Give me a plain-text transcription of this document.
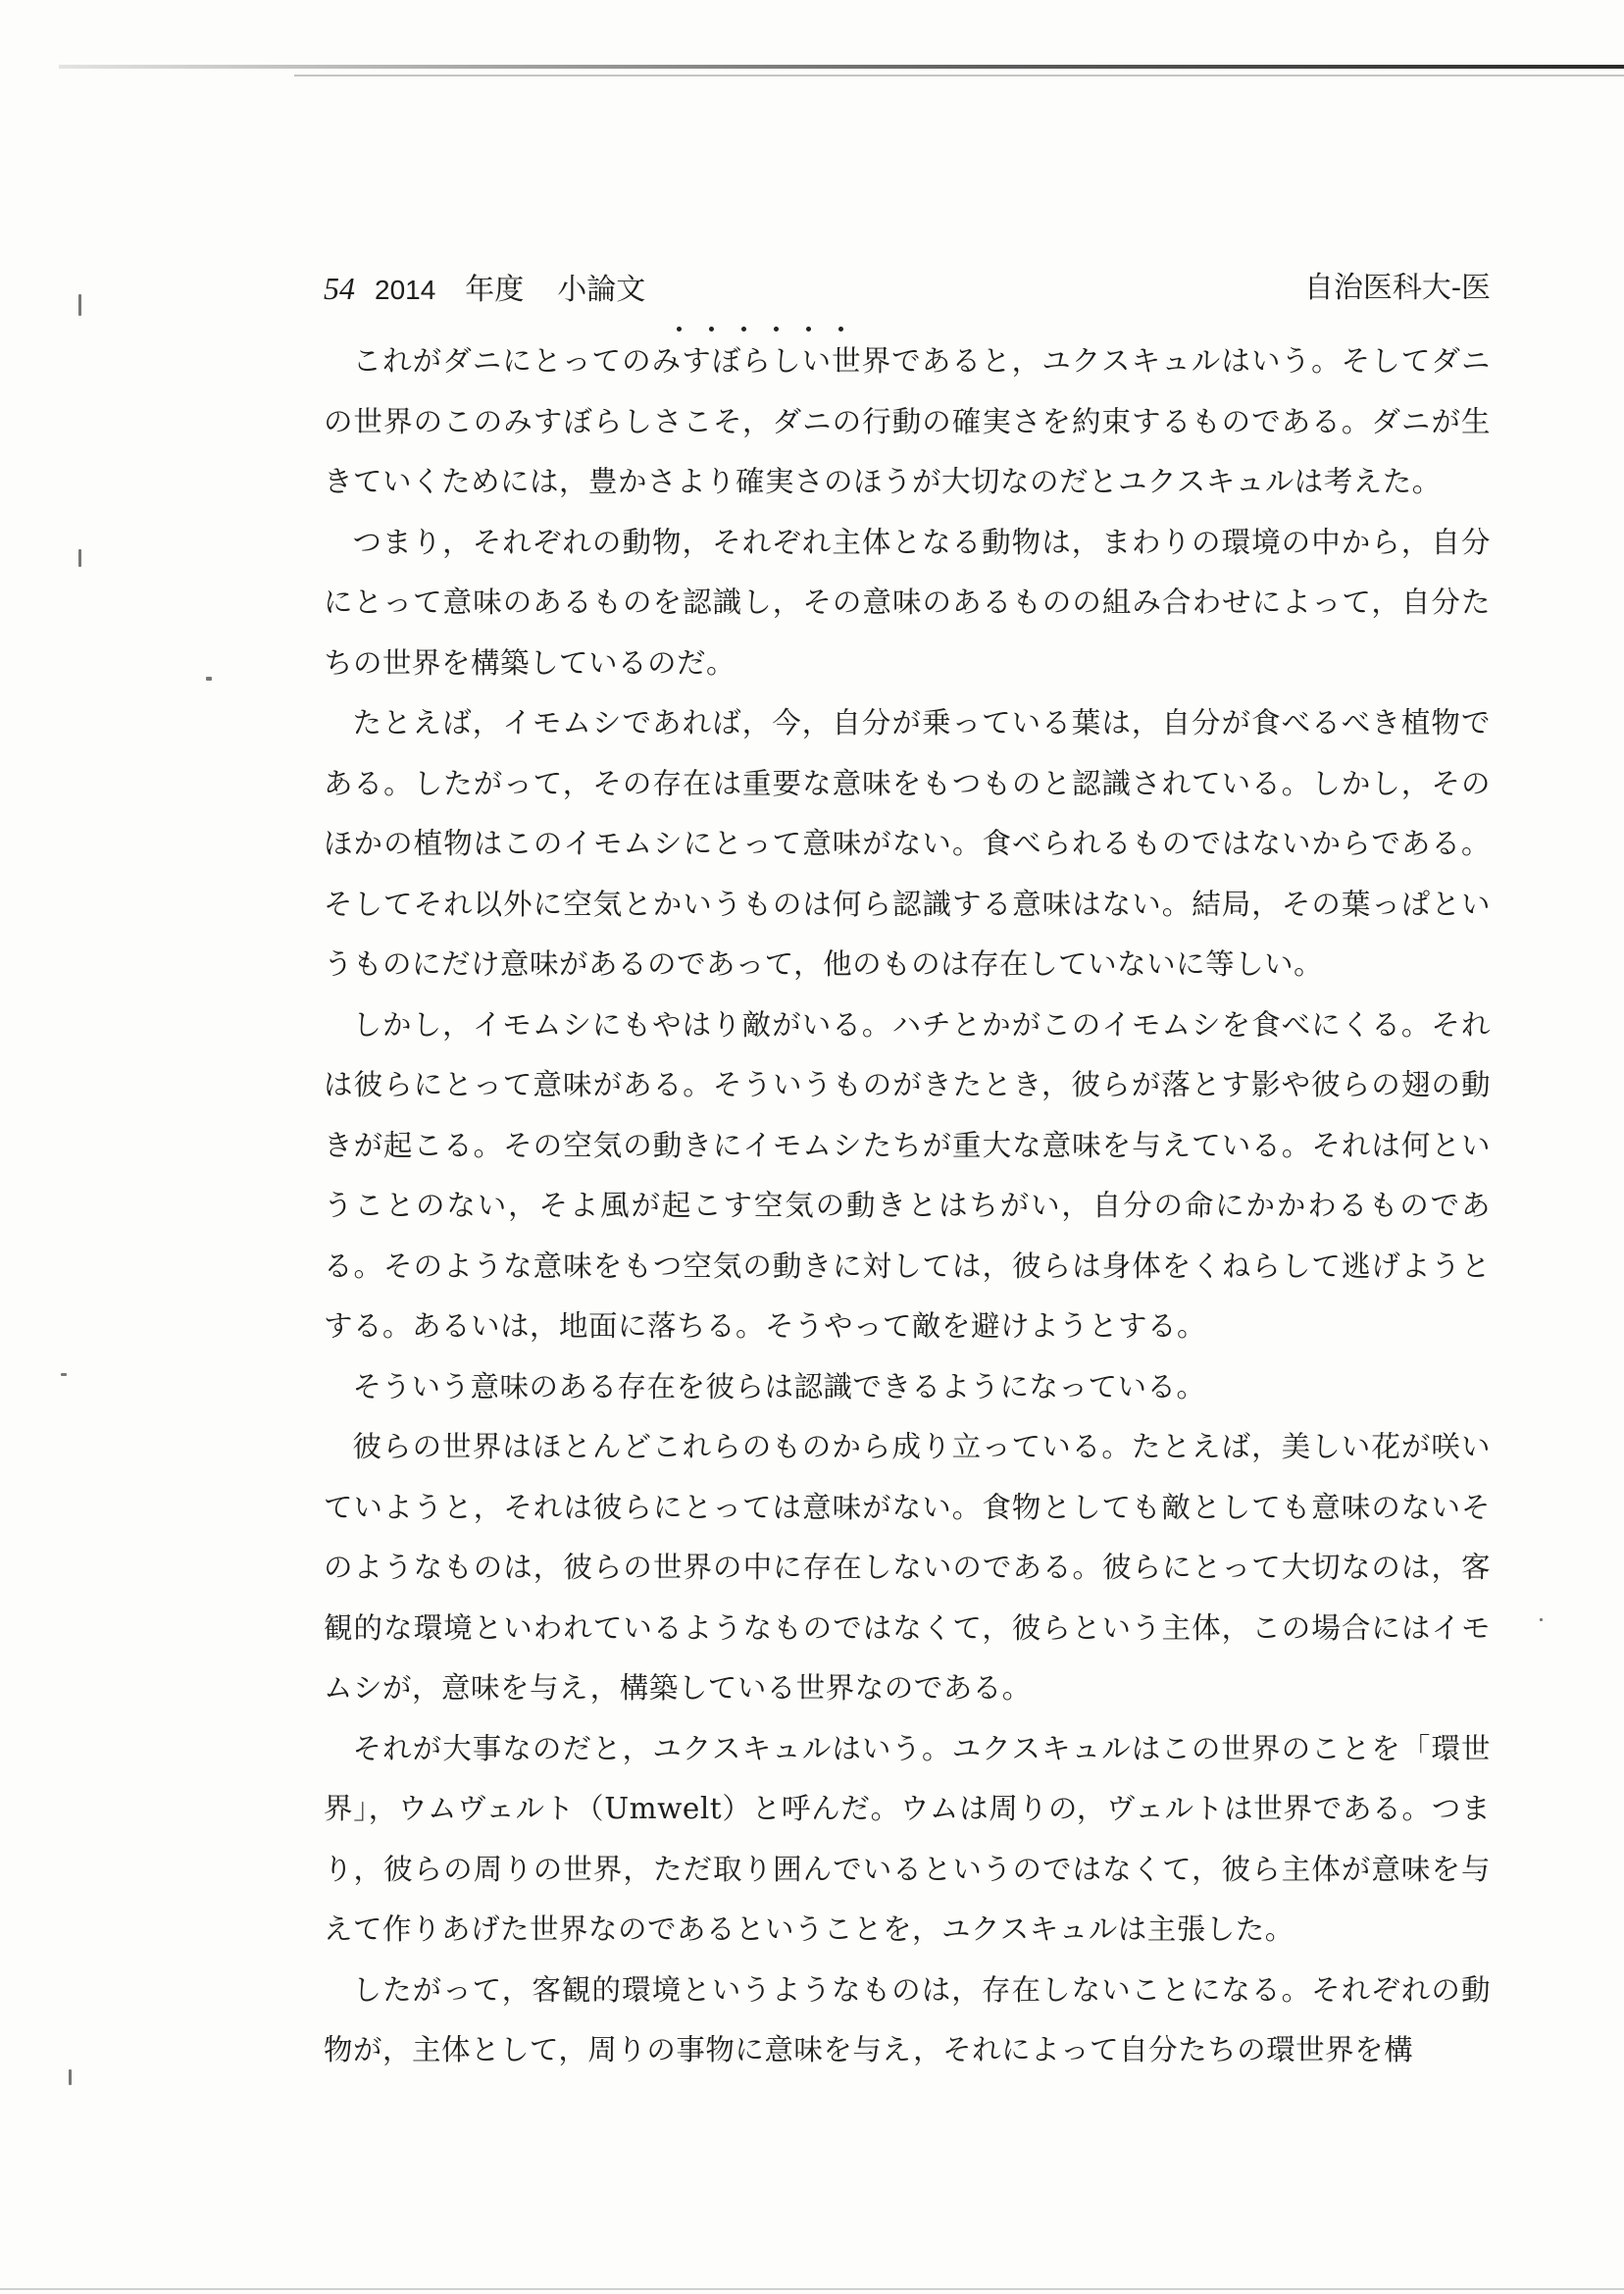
54 2014 年度 小論文	自治医科大-医

これがダニにとってのみすぼらしい世界であると，ユクスキュルはいう。そしてダニの世界のこのみすぼらしさこそ，ダニの行動の確実さを約束するものである。ダニが生きていくためには，豊かさより確実さのほうが大切なのだとユクスキュルは考えた。

つまり，それぞれの動物，それぞれ主体となる動物は，まわりの環境の中から，自分にとって意味のあるものを認識し，その意味のあるものの組み合わせによって，自分たちの世界を構築しているのだ。

たとえば，イモムシであれば，今，自分が乗っている葉は，自分が食べるべき植物である。したがって，その存在は重要な意味をもつものと認識されている。しかし，そのほかの植物はこのイモムシにとって意味がない。食べられるものではないからである。そしてそれ以外に空気とかいうものは何ら認識する意味はない。結局，その葉っぱというものにだけ意味があるのであって，他のものは存在していないに等しい。

しかし，イモムシにもやはり敵がいる。ハチとかがこのイモムシを食べにくる。それは彼らにとって意味がある。そういうものがきたとき，彼らが落とす影や彼らの翅の動きが起こる。その空気の動きにイモムシたちが重大な意味を与えている。それは何ということのない，そよ風が起こす空気の動きとはちがい，自分の命にかかわるものである。そのような意味をもつ空気の動きに対しては，彼らは身体をくねらして逃げようとする。あるいは，地面に落ちる。そうやって敵を避けようとする。

そういう意味のある存在を彼らは認識できるようになっている。

彼らの世界はほとんどこれらのものから成り立っている。たとえば，美しい花が咲いていようと，それは彼らにとっては意味がない。食物としても敵としても意味のないそのようなものは，彼らの世界の中に存在しないのである。彼らにとって大切なのは，客観的な環境といわれているようなものではなくて，彼らという主体，この場合にはイモムシが，意味を与え，構築している世界なのである。

それが大事なのだと，ユクスキュルはいう。ユクスキュルはこの世界のことを「環世界」，ウムヴェルト（Umwelt）と呼んだ。ウムは周りの，ヴェルトは世界である。つまり，彼らの周りの世界，ただ取り囲んでいるというのではなくて，彼ら主体が意味を与えて作りあげた世界なのであるということを，ユクスキュルは主張した。

したがって，客観的環境というようなものは，存在しないことになる。それぞれの動物が，主体として，周りの事物に意味を与え，それによって自分たちの環世界を構
